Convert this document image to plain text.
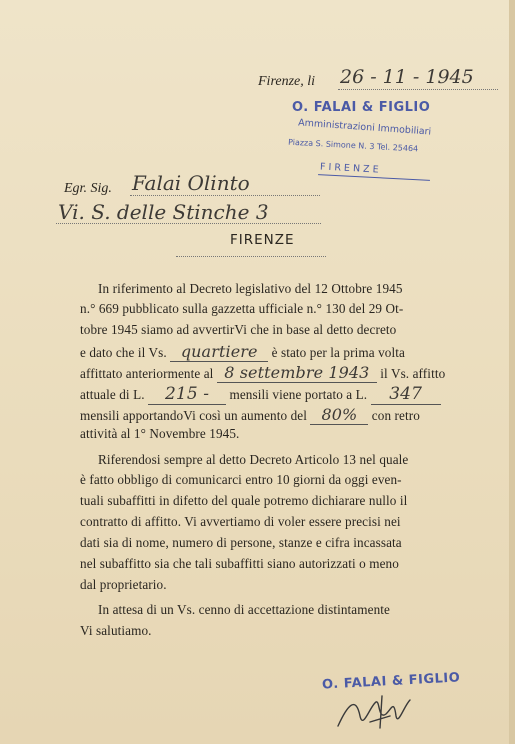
Firenze, li 26 - 11 - 1945
O. FALAI & FIGLIO
Amministrazioni Immobiliari
Piazza S. Simone N. 3 Tel. 25464
F I R E N Z E
Egr. Sig. Falai Olinto
Vi. S. delle Stinche 3
FIRENZE
In riferimento al Decreto legislativo del 12 Ottobre 1945
n.° 669 pubblicato sulla gazzetta ufficiale n.° 130 del 29 Ot-
tobre 1945 siamo ad avvertirVi che in base al detto decreto
e dato che il Vs. quartiere è stato per la prima volta
affittato anteriormente al 8 settembre 1943 il Vs. affitto
attuale di L. 215 - mensili viene portato a L. 347
mensili apportandoVi così un aumento del 80% con retro
attività al 1° Novembre 1945.
Riferendosi sempre al detto Decreto Articolo 13 nel quale
è fatto obbligo di comunicarci entro 10 giorni da oggi even-
tuali subaffitti in difetto del quale potremo dichiarare nullo il
contratto di affitto. Vi avvertiamo di voler essere precisi nei
dati sia di nome, numero di persone, stanze e cifra incassata
nel subaffitto sia che tali subaffitti siano autorizzati o meno
dal proprietario.
In attesa di un Vs. cenno di accettazione distintamente
Vi salutiamo.
O. FALAI & FIGLIO
